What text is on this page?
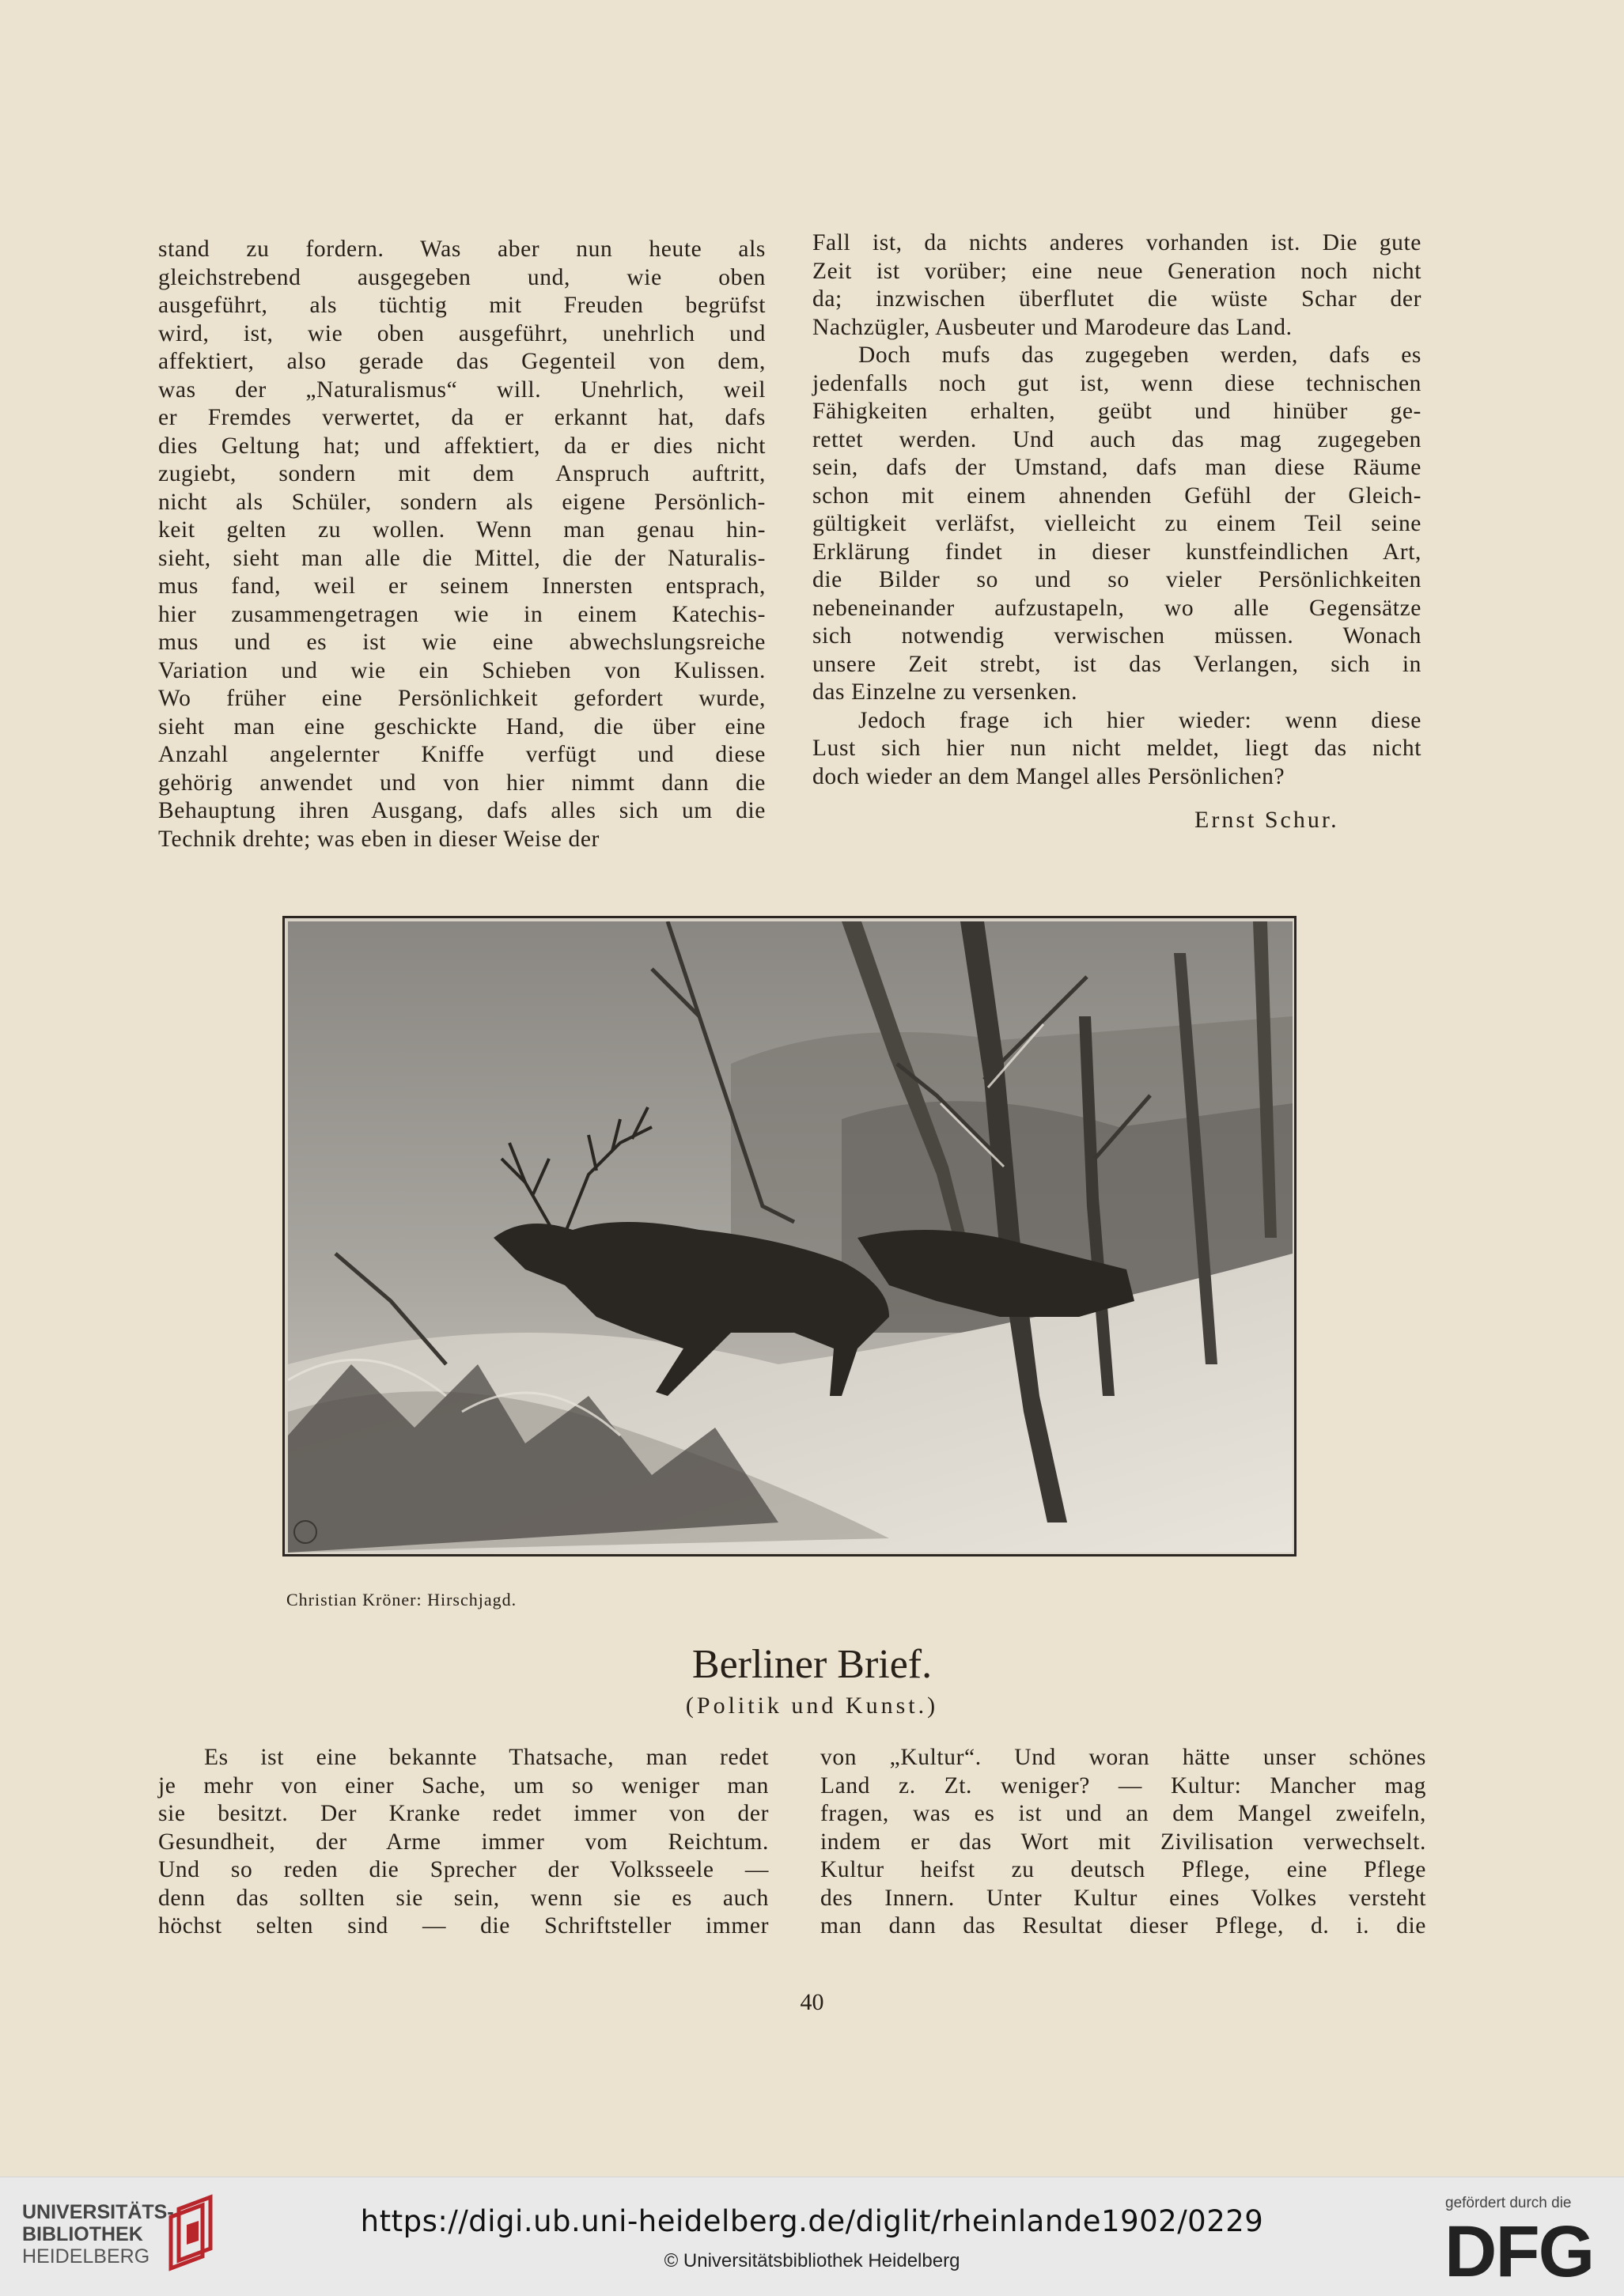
stand zu fordern. Was aber nun heute als
gleichstrebend ausgegeben und, wie oben
ausgeführt, als tüchtig mit Freuden begrüfst
wird, ist, wie oben ausgeführt, unehrlich und
affektiert, also gerade das Gegenteil von dem,
was der „Naturalismus“ will. Unehrlich, weil
er Fremdes verwertet, da er erkannt hat, dafs
dies Geltung hat; und affektiert, da er dies nicht
zugiebt, sondern mit dem Anspruch auftritt,
nicht als Schüler, sondern als eigene Persönlich-
keit gelten zu wollen. Wenn man genau hin-
sieht, sieht man alle die Mittel, die der Naturalis-
mus fand, weil er seinem Innersten entsprach,
hier zusammengetragen wie in einem Katechis-
mus und es ist wie eine abwechslungsreiche
Variation und wie ein Schieben von Kulissen.
Wo früher eine Persönlichkeit gefordert wurde,
sieht man eine geschickte Hand, die über eine
Anzahl angelernter Kniffe verfügt und diese
gehörig anwendet und von hier nimmt dann die
Behauptung ihren Ausgang, dafs alles sich um die
Technik drehte; was eben in dieser Weise der
Fall ist, da nichts anderes vorhanden ist. Die gute
Zeit ist vorüber; eine neue Generation noch nicht
da; inzwischen überflutet die wüste Schar der
Nachzügler, Ausbeuter und Marodeure das Land.
Doch mufs das zugegeben werden, dafs es
jedenfalls noch gut ist, wenn diese technischen
Fähigkeiten erhalten, geübt und hinüber ge-
rettet werden. Und auch das mag zugegeben
sein, dafs der Umstand, dafs man diese Räume
schon mit einem ahnenden Gefühl der Gleich-
gültigkeit verläfst, vielleicht zu einem Teil seine
Erklärung findet in dieser kunstfeindlichen Art,
die Bilder so und so vieler Persönlichkeiten
nebeneinander aufzustapeln, wo alle Gegensätze
sich notwendig verwischen müssen. Wonach
unsere Zeit strebt, ist das Verlangen, sich in
das Einzelne zu versenken.
Jedoch frage ich hier wieder: wenn diese
Lust sich hier nun nicht meldet, liegt das nicht
doch wieder an dem Mangel alles Persönlichen?
Ernst Schur.
Christian Kröner: Hirschjagd.
Berliner Brief.
(Politik und Kunst.)
Es ist eine bekannte Thatsache, man redet
je mehr von einer Sache, um so weniger man
sie besitzt. Der Kranke redet immer von der
Gesundheit, der Arme immer vom Reichtum.
Und so reden die Sprecher der Volksseele —
denn das sollten sie sein, wenn sie es auch
höchst selten sind — die Schriftsteller immer
von „Kultur“. Und woran hätte unser schönes
Land z. Zt. weniger? — Kultur: Mancher mag
fragen, was es ist und an dem Mangel zweifeln,
indem er das Wort mit Zivilisation verwechselt.
Kultur heifst zu deutsch Pflege, eine Pflege
des Innern. Unter Kultur eines Volkes versteht
man dann das Resultat dieser Pflege, d. i. die
40
UNIVERSITÄTS-
BIBLIOTHEK
HEIDELBERG
https://digi.ub.uni-heidelberg.de/diglit/rheinlande1902/0229
© Universitätsbibliothek Heidelberg
gefördert durch die
DFG
